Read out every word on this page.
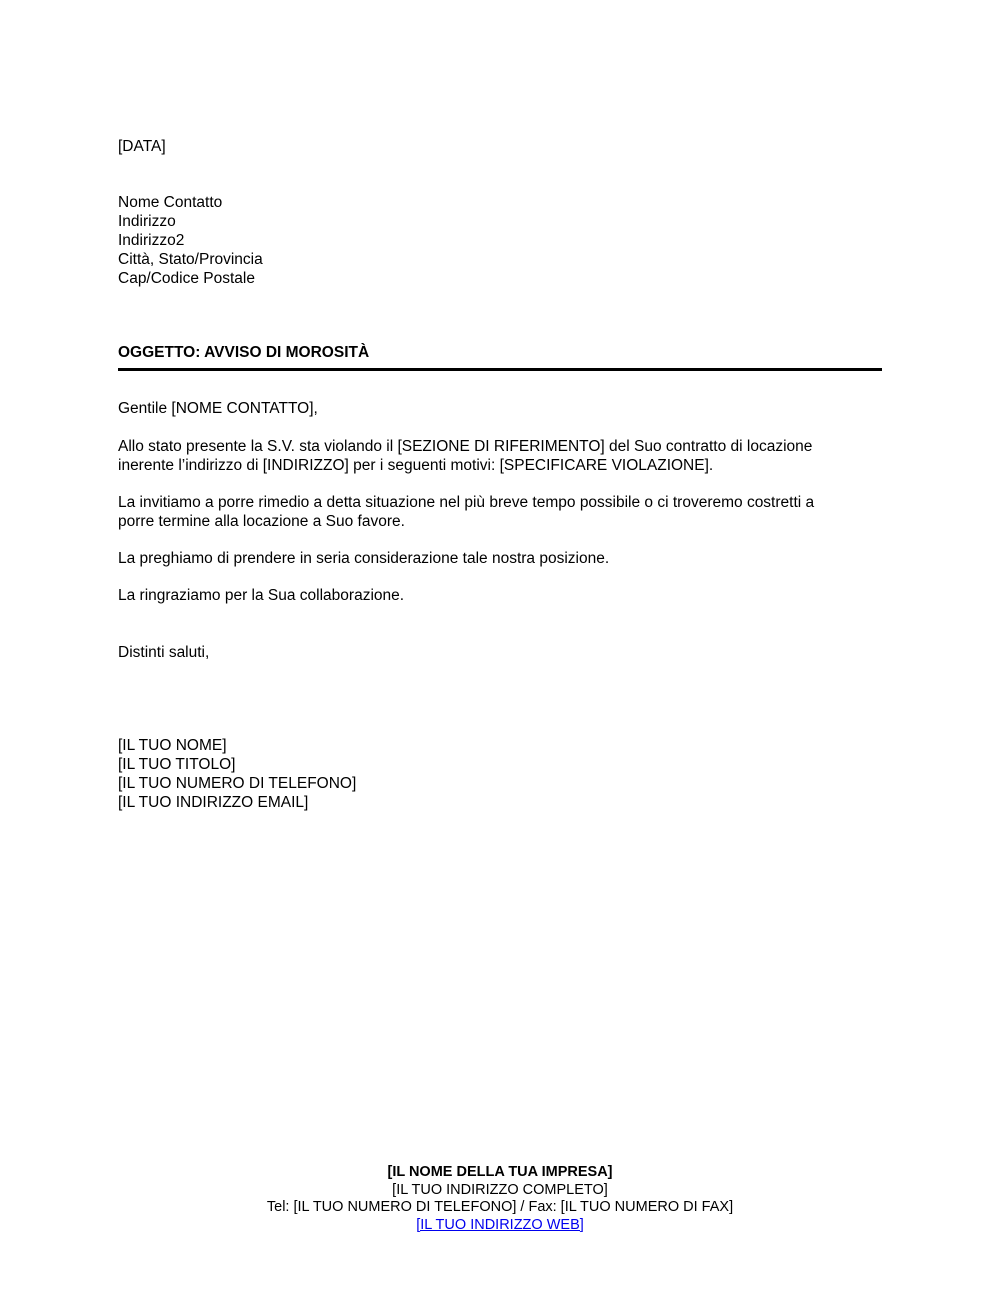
[DATA]
Nome Contatto
Indirizzo
Indirizzo2
Città, Stato/Provincia
Cap/Codice Postale
OGGETTO: AVVISO DI MOROSITÀ
Gentile [NOME CONTATTO],
Allo stato presente la S.V. sta violando il [SEZIONE DI RIFERIMENTO] del Suo contratto di locazione
inerente l’indirizzo di [INDIRIZZO] per i seguenti motivi: [SPECIFICARE VIOLAZIONE].
La invitiamo a porre rimedio a detta situazione nel più breve tempo possibile o ci troveremo costretti a
porre termine alla locazione a Suo favore.
La preghiamo di prendere in seria considerazione tale nostra posizione.
La ringraziamo per la Sua collaborazione.
Distinti saluti,
[IL TUO NOME]
[IL TUO TITOLO]
[IL TUO NUMERO DI TELEFONO]
[IL TUO INDIRIZZO EMAIL]
[IL NOME DELLA TUA IMPRESA]
[IL TUO INDIRIZZO COMPLETO]
Tel: [IL TUO NUMERO DI TELEFONO] / Fax: [IL TUO NUMERO DI FAX]
[IL TUO INDIRIZZO WEB]
